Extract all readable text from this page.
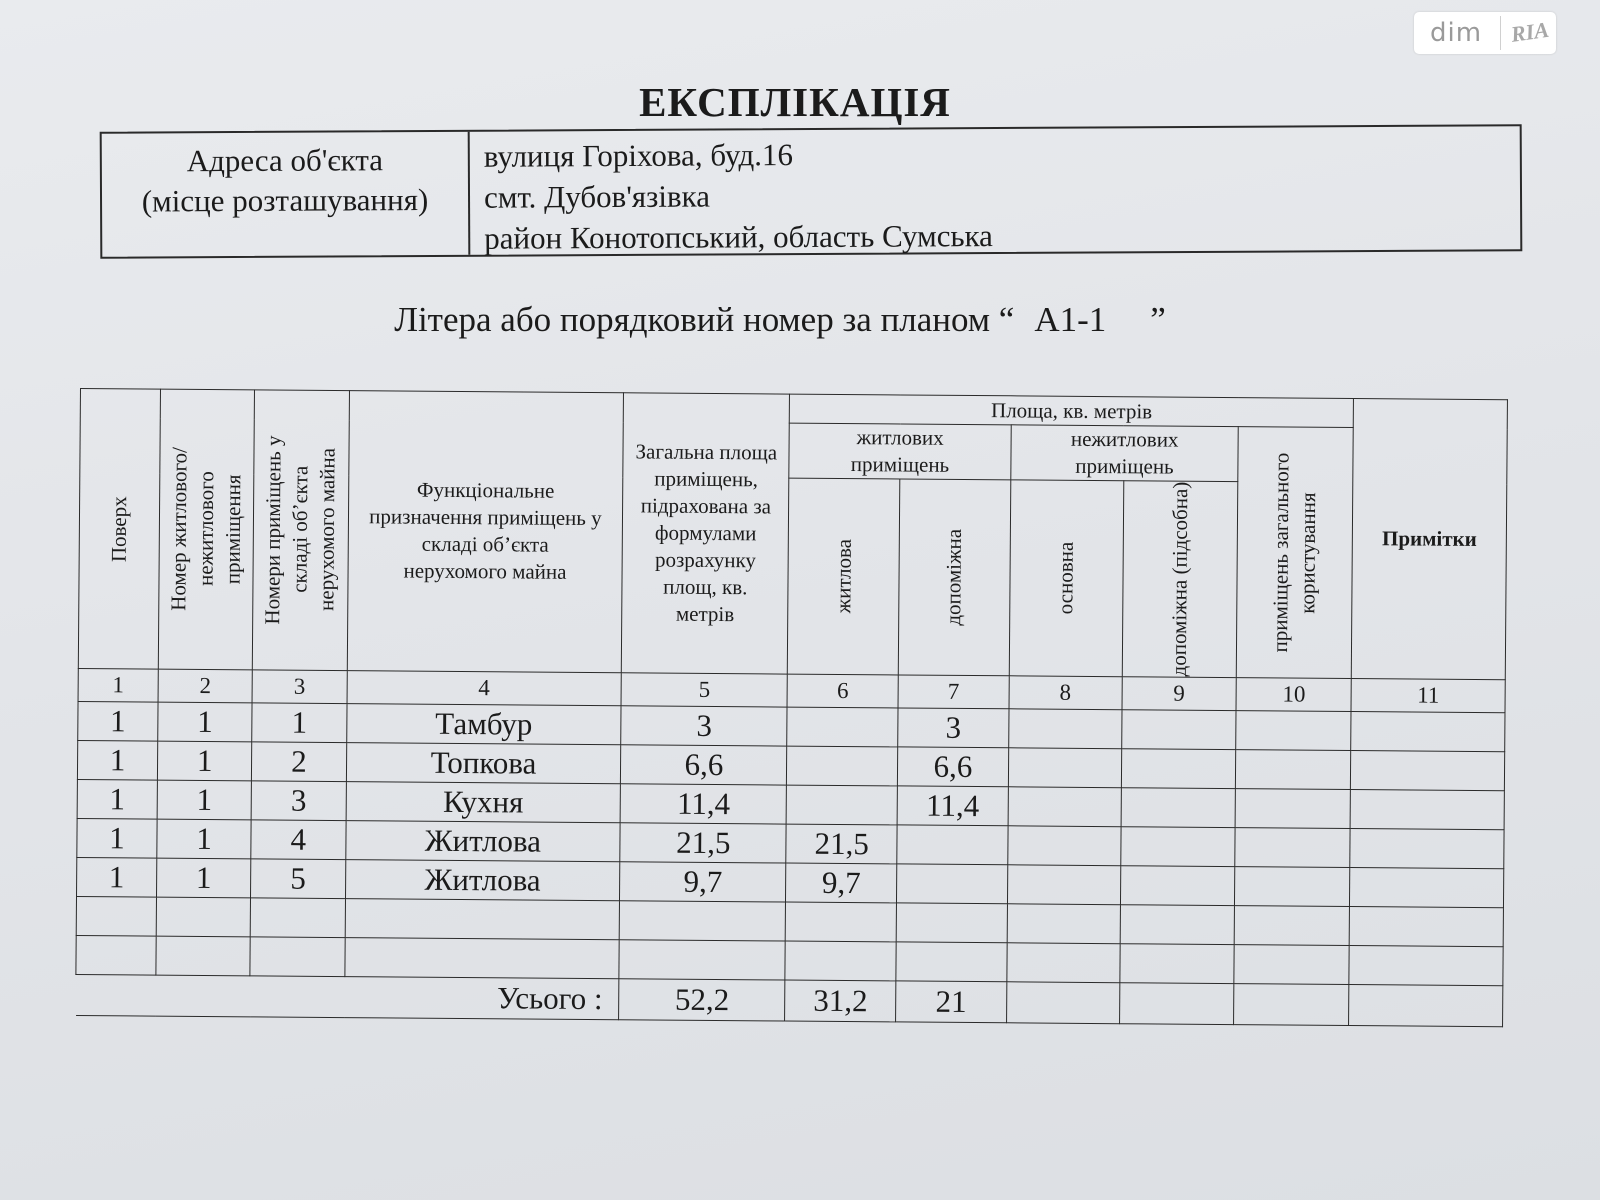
dim	RIA
ЕКСПЛІКАЦІЯ
Адреса об'єкта
(місце розташування)
вулиця Горіхова, буд.16
смт. Дубов'язівка
район Конотопський, область Сумська
Літера або порядковий номер за планом “ А1-1 ”
Поверх	Номер житлового/ нежитлового приміщення	Номери приміщень у складі об’єкта нерухомого майна	Функціональне призначення приміщень у складі об’єкта нерухомого майна	Загальна площа приміщень, підрахована за формулами розрахунку площ, кв. метрів	Площа, кв. метрів					Примітки
					житлових приміщень		нежитлових приміщень		приміщень загального користування	

					житлова	допоміжна	основна	допоміжна (підсобна)		

1	2	3	4	5	6	7	8	9	10	11
1	1	1	Тамбур	3		3				
1	1	2	Топкова	6,6		6,6				
1	1	3	Кухня	11,4		11,4				
1	1	4	Житлова	21,5	21,5					
1	1	5	Житлова	9,7	9,7					

Усього :				52,2	31,2	21				
